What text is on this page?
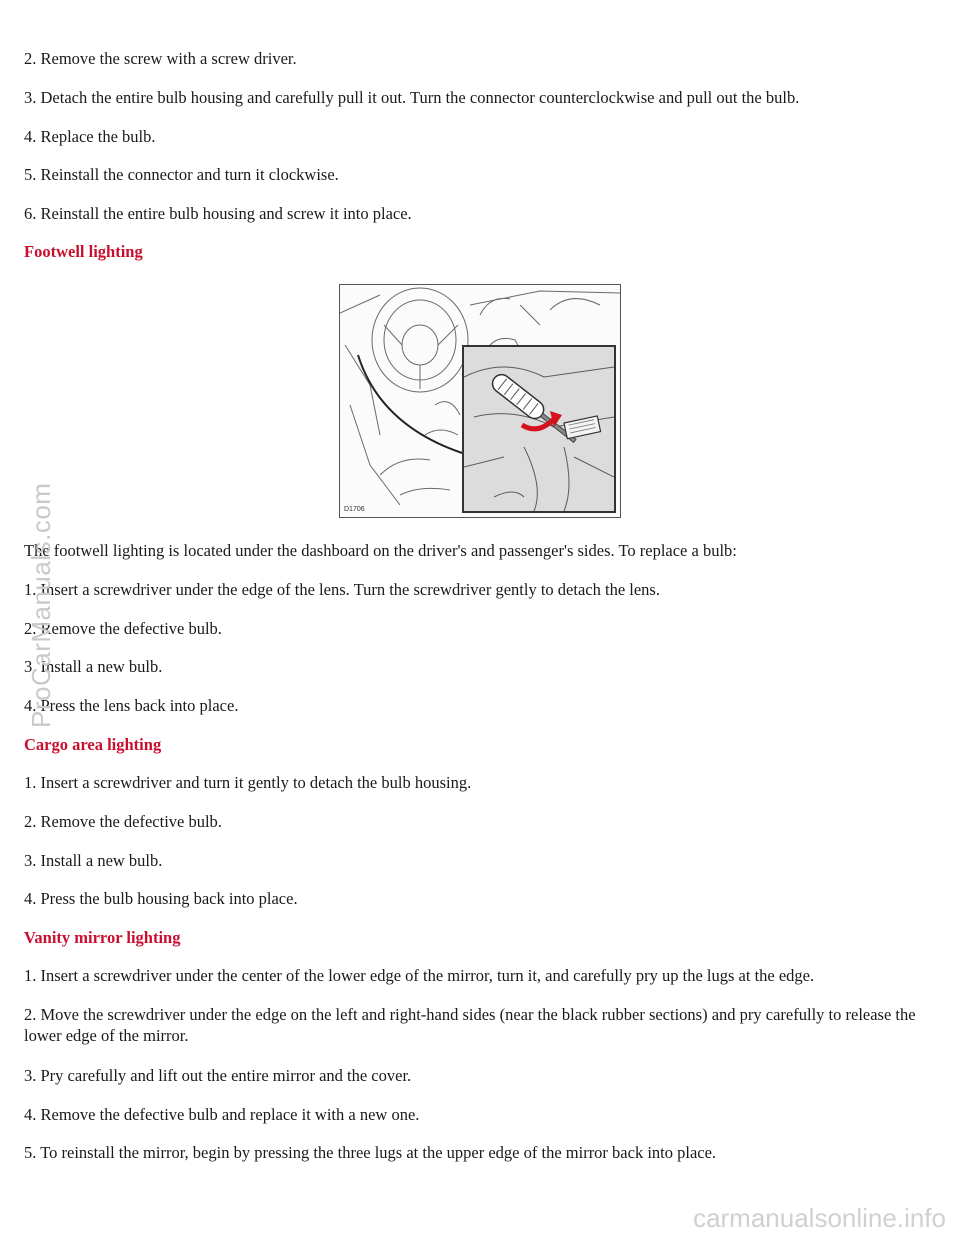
2. Remove the screw with a screw driver.
3. Detach the entire bulb housing and carefully pull it out. Turn the connector counterclockwise and pull out the bulb.
4. Replace the bulb.
5. Reinstall the connector and turn it clockwise.
6. Reinstall the entire bulb housing and screw it into place.
Footwell lighting
The footwell lighting is located under the dashboard on the driver's and passenger's sides. To replace a bulb:
1. Insert a screwdriver under the edge of the lens. Turn the screwdriver gently to detach the lens.
2. Remove the defective bulb.
3. Install a new bulb.
4. Press the lens back into place.
Cargo area lighting
1. Insert a screwdriver and turn it gently to detach the bulb housing.
2. Remove the defective bulb.
3. Install a new bulb.
4. Press the bulb housing back into place.
Vanity mirror lighting
1. Insert a screwdriver under the center of the lower edge of the mirror, turn it, and carefully pry up the lugs at the edge.
2. Move the screwdriver under the edge on the left and right-hand sides (near the black rubber sections) and pry carefully to release the lower edge of the mirror.
3. Pry carefully and lift out the entire mirror and the cover.
4. Remove the defective bulb and replace it with a new one.
5. To reinstall the mirror, begin by pressing the three lugs at the upper edge of the mirror back into place.
D1706
ProCarManuals.com
carmanualsonline.info
